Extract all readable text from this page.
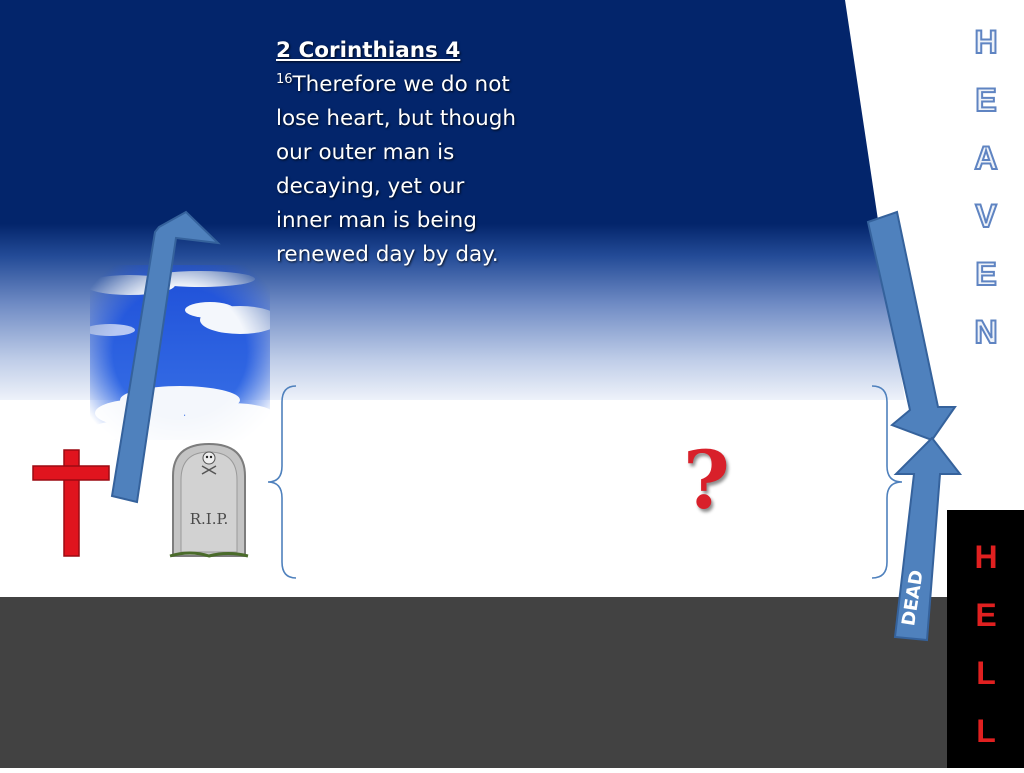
R.I.P.
2 Corinthians 4
$^{16}$Therefore we do not lose heart, but though our outer man is decaying, yet our inner man is being renewed day by day.
?
DEAD
H
E
A
V
E
N
H
E
L
L
